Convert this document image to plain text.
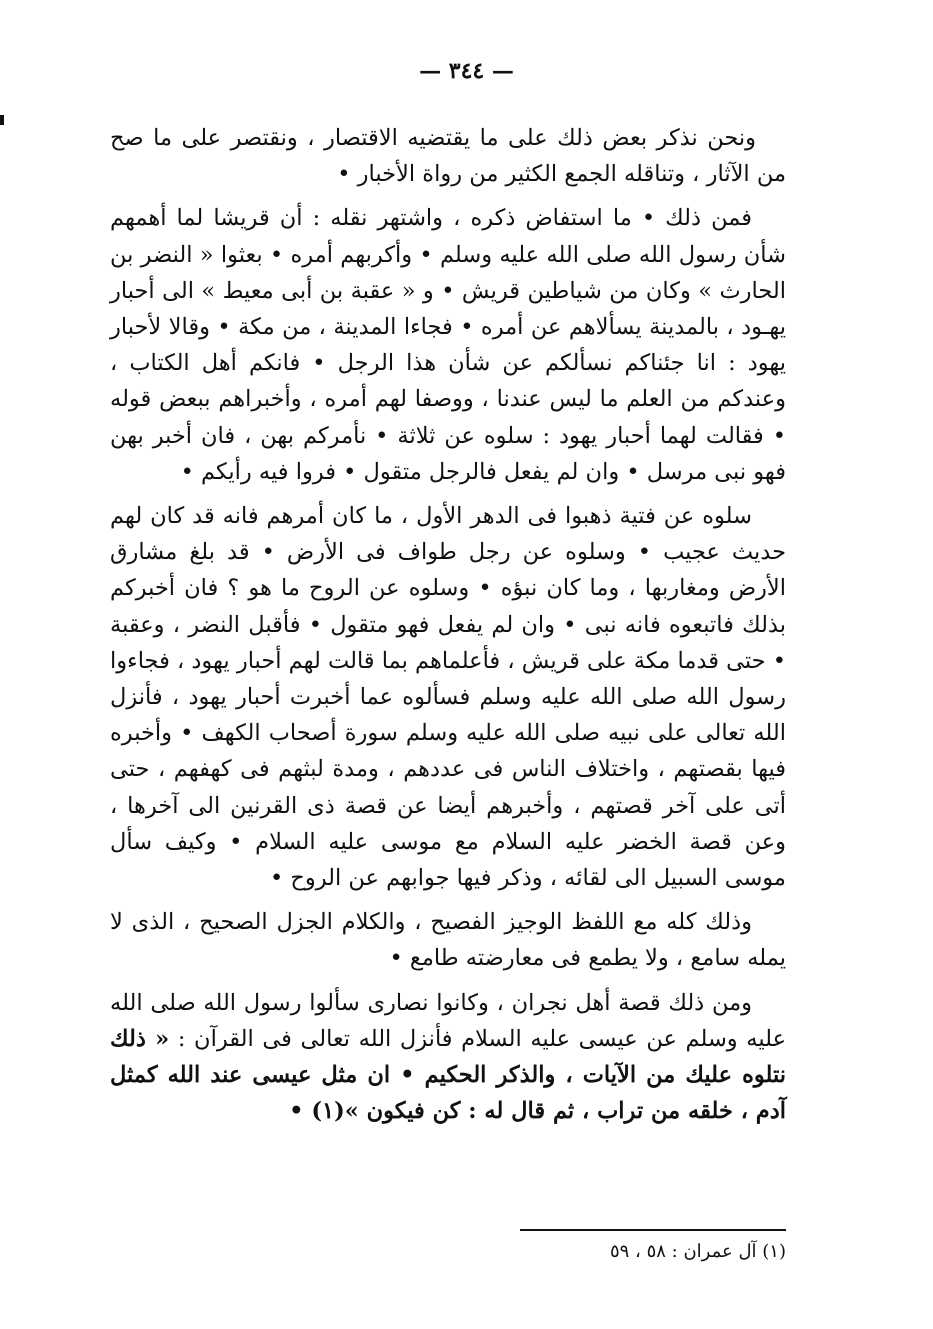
— ٣٤٤ —

ونحن نذكر بعض ذلك على ما يقتضيه الاقتصار ، ونقتصر على ما صح من الآثار ، وتناقله الجمع الكثير من رواة الأخبار •

فمن ذلك • ما استفاض ذكره ، واشتهر نقله : أن قريشا لما أهمهم شأن رسول الله صلى الله عليه وسلم • وأكربهم أمره • بعثوا « النضر بن الحارث » وكان من شياطين قريش • و « عقبة بن أبى معيط » الى أحبار يهـود ، بالمدينة يسألاهم عن أمره • فجاءا المدينة ، من مكة • وقالا لأحبار يهود : انا جئناكم نسألكم عن شأن هذا الرجل • فانكم أهل الكتاب ، وعندكم من العلم ما ليس عندنا ، ووصفا لهم أمره ، وأخبراهم ببعض قوله • فقالت لهما أحبار يهود : سلوه عن ثلاثة • نأمركم بهن ، فان أخبر بهن فهو نبى مرسل • وان لم يفعل فالرجل متقول • فروا فيه رأيكم •

سلوه عن فتية ذهبوا فى الدهر الأول ، ما كان أمرهم فانه قد كان لهم حديث عجيب • وسلوه عن رجل طواف فى الأرض • قد بلغ مشارق الأرض ومغاربها ، وما كان نبؤه • وسلوه عن الروح ما هو ؟ فان أخبركم بذلك فاتبعوه فانه نبى • وان لم يفعل فهو متقول • فأقبل النضر ، وعقبة • حتى قدما مكة على قريش ، فأعلماهم بما قالت لهم أحبار يهود ، فجاءوا رسول الله صلى الله عليه وسلم فسألوه عما أخبرت أحبار يهود ، فأنزل الله تعالى على نبيه صلى الله عليه وسلم سورة أصحاب الكهف • وأخبره فيها بقصتهم ، واختلاف الناس فى عددهم ، ومدة لبثهم فى كهفهم ، حتى أتى على آخر قصتهم ، وأخبرهم أيضا عن قصة ذى القرنين الى آخرها ، وعن قصة الخضر عليه السلام مع موسى عليه السلام • وكيف سأل موسى السبيل الى لقائه ، وذكر فيها جوابهم عن الروح •

وذلك كله مع اللفظ الوجيز الفصيح ، والكلام الجزل الصحيح ، الذى لا يمله سامع ، ولا يطمع فى معارضته طامع •

ومن ذلك قصة أهل نجران ، وكانوا نصارى سألوا رسول الله صلى الله عليه وسلم عن عيسى عليه السلام فأنزل الله تعالى فى القرآن : « ذلك نتلوه عليك من الآيات ، والذكر الحكيم • ان مثل عيسى عند الله كمثل آدم ، خلقه من تراب ، ثم قال له : كن فيكون »(١) •

(١) آل عمران : ٥٨ ، ٥٩
